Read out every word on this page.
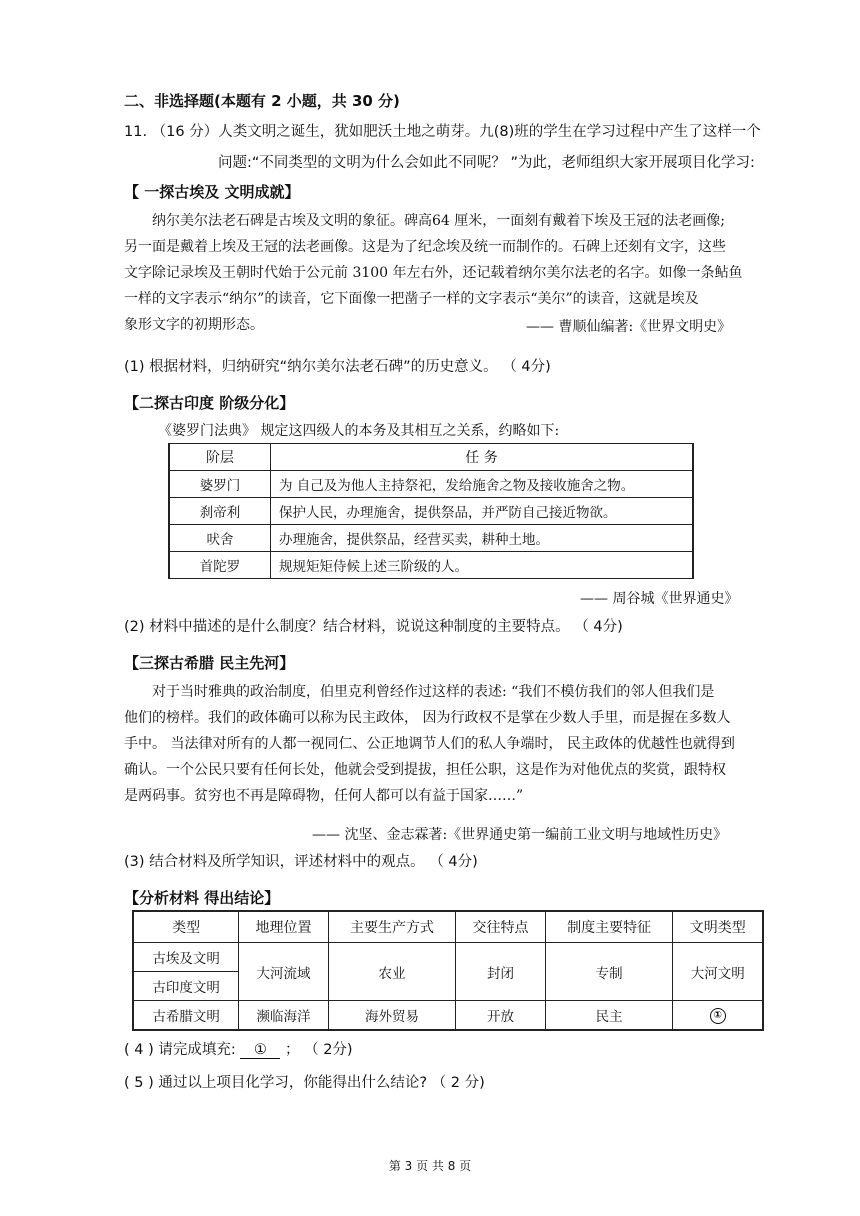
二、非选择题(本题有 2 小题，共 30 分)
11. （16 分）人类文明之诞生，犹如肥沃土地之萌芽。九(8)班的学生在学习过程中产生了这样一个
问题:“不同类型的文明为什么会如此不同呢？ ”为此，老师组织大家开展项目化学习:
【 一探古埃及 文明成就】

纳尔美尔法老石碑是古埃及文明的象征。碑高64 厘米，一面刻有戴着下埃及王冠的法老画像;

另一面是戴着上埃及王冠的法老画像。这是为了纪念埃及统一而制作的。石碑上还刻有文字，这些

文字除记录埃及王朝时代始于公元前 3100 年左右外，还记载着纳尔美尔法老的名字。如像一条鲇鱼

一样的文字表示“纳尔”的读音，它下面像一把凿子一样的文字表示“美尔”的读音，这就是埃及

象形文字的初期形态。	—— 曹顺仙编著:《世界文明史》
(1) 根据材料，归纳研究“纳尔美尔法老石碑”的历史意义。 （ 4分)
【二探古印度 阶级分化】
《婆罗门法典》 规定这四级人的本务及其相互之关系，约略如下:
阶层	任 务
婆罗门	为 自己及为他人主持祭祀，发给施舍之物及接收施舍之物。
刹帝利	保护人民，办理施舍，提供祭品，并严防自己接近物欲。
吠舍	办理施舍，提供祭品，经营买卖，耕种土地。
首陀罗	规规矩矩侍候上述三阶级的人。
—— 周谷城《世界通史》
(2) 材料中描述的是什么制度？结合材料，说说这种制度的主要特点。 （ 4分)
【三探古希腊 民主先河】

对于当时雅典的政治制度，伯里克利曾经作过这样的表述: “我们不模仿我们的邻人但我们是

他们的榜样。我们的政体确可以称为民主政体， 因为行政权不是掌在少数人手里，而是握在多数人

手中。 当法律对所有的人都一视同仁、公正地调节人们的私人争端时， 民主政体的优越性也就得到

确认。一个公民只要有任何长处，他就会受到提拔，担任公职，这是作为对他优点的奖赏，跟特权

是两码事。贫穷也不再是障碍物，任何人都可以有益于国家……”

—— 沈坚、金志霖著:《世界通史第一编前工业文明与地域性历史》
(3) 结合材料及所学知识，评述材料中的观点。 （ 4分)
【分析材料 得出结论】
类型	地理位置	主要生产方式	交往特点	制度主要特征	文明类型
古埃及文明	大河流域	农业	封闭	专制	大河文明
古印度文明					
古希腊文明	濒临海洋	海外贸易	开放	民主	①
( 4 ) 请完成填充: ① ； （ 2分)
( 5 ) 通过以上项目化学习，你能得出什么结论? （ 2 分)
第 3 页 共 8 页
